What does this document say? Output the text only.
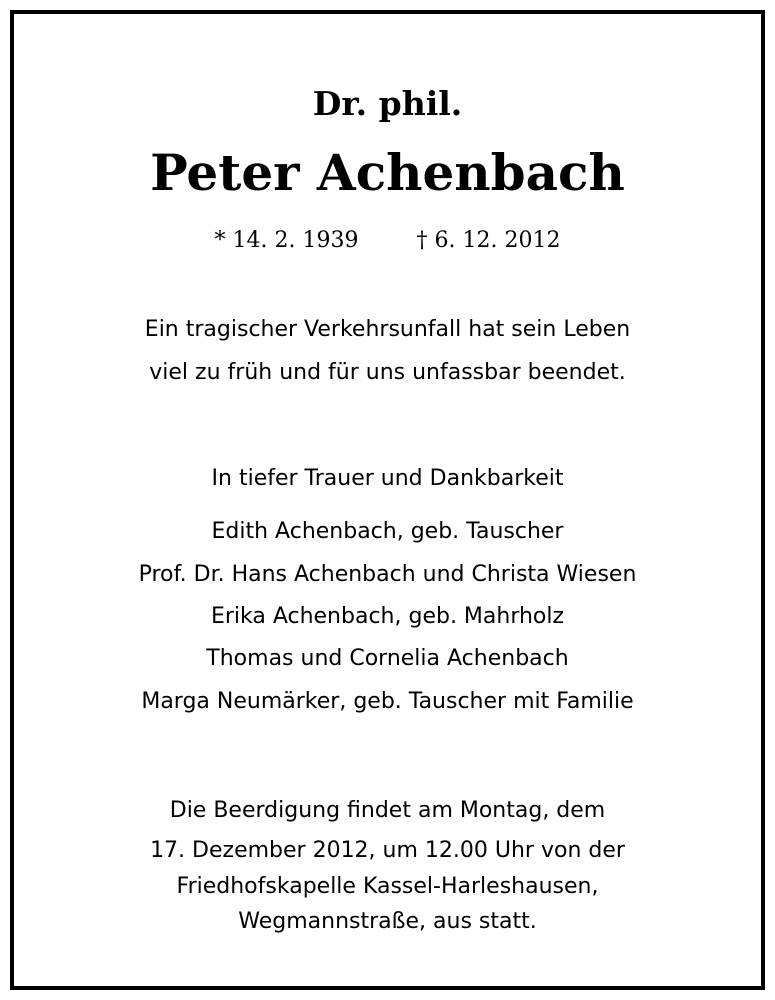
Dr. phil.
Peter Achenbach
* 14. 2. 1939	† 6. 12. 2012
Ein tragischer Verkehrsunfall hat sein Leben
viel zu früh und für uns unfassbar beendet.
In tiefer Trauer und Dankbarkeit
Edith Achenbach, geb. Tauscher
Prof. Dr. Hans Achenbach und Christa Wiesen
Erika Achenbach, geb. Mahrholz
Thomas und Cornelia Achenbach
Marga Neumärker, geb. Tauscher mit Familie
Die Beerdigung findet am Montag, dem
17. Dezember 2012, um 12.00 Uhr von der
Friedhofskapelle Kassel-Harleshausen,
Wegmannstraße, aus statt.
